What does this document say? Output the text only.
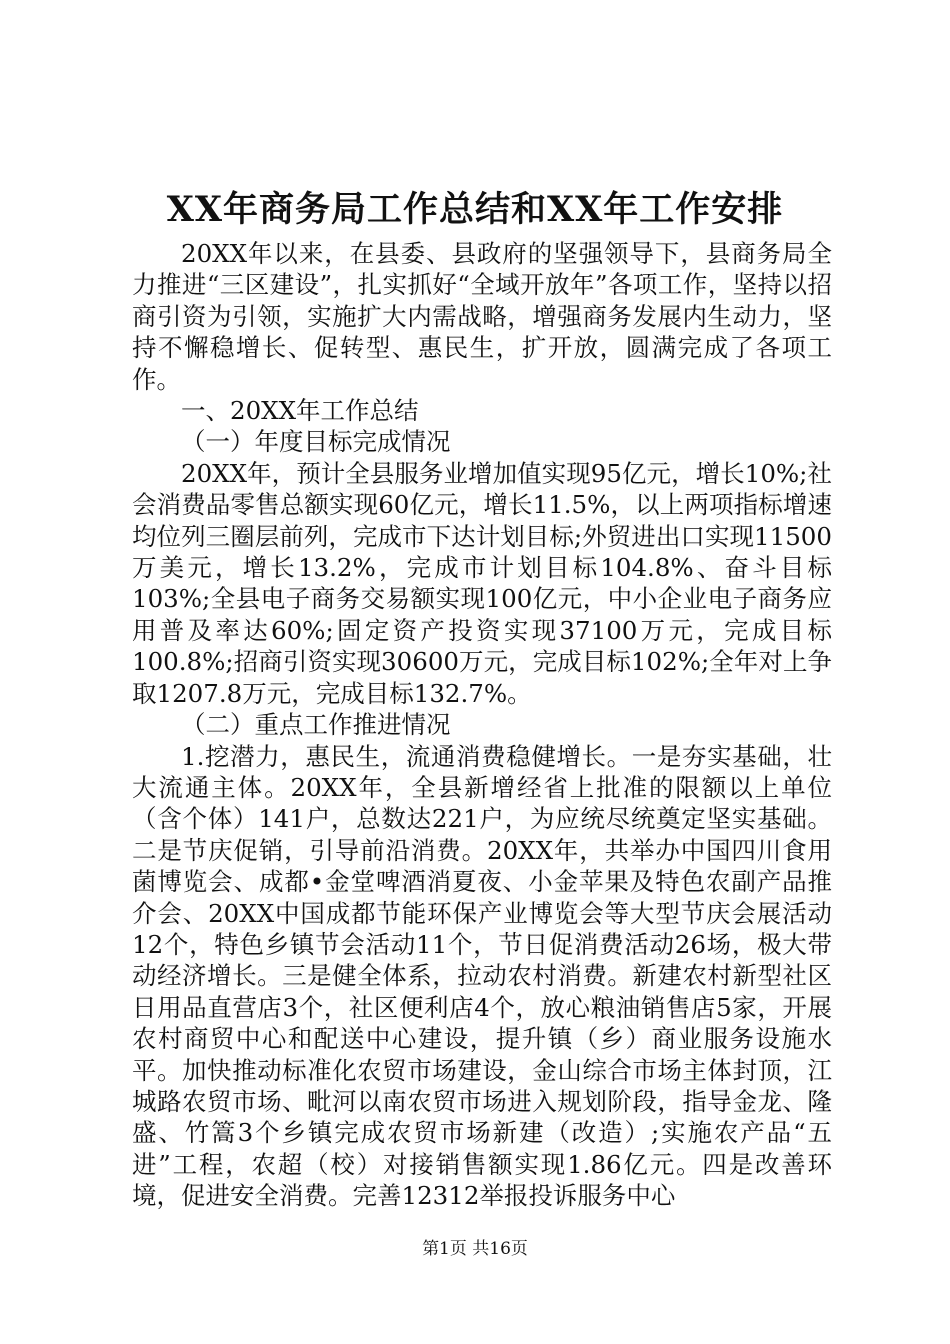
XX年商务局工作总结和XX年工作安排

20XX年以来，在县委、县政府的坚强领导下，县商务局全力推进“三区建设”，扎实抓好“全域开放年”各项工作，坚持以招商引资为引领，实施扩大内需战略，增强商务发展内生动力，坚持不懈稳增长、促转型、惠民生，扩开放，圆满完成了各项工作。

一、20XX年工作总结

（一）年度目标完成情况

20XX年，预计全县服务业增加值实现95亿元，增长10%;社会消费品零售总额实现60亿元，增长11.5%，以上两项指标增速均位列三圈层前列，完成市下达计划目标;外贸进出口实现11500万美元，增长13.2%，完成市计划目标104.8%、奋斗目标103%;全县电子商务交易额实现100亿元，中小企业电子商务应用普及率达60%;固定资产投资实现37100万元，完成目标100.8%;招商引资实现30600万元，完成目标102%;全年对上争取1207.8万元，完成目标132.7%。

（二）重点工作推进情况

1.挖潜力，惠民生，流通消费稳健增长。一是夯实基础，壮大流通主体。20XX年，全县新增经省上批准的限额以上单位（含个体）141户，总数达221户，为应统尽统奠定坚实基础。二是节庆促销，引导前沿消费。20XX年，共举办中国四川食用菌博览会、成都•金堂啤酒消夏夜、小金苹果及特色农副产品推介会、20XX中国成都节能环保产业博览会等大型节庆会展活动12个，特色乡镇节会活动11个，节日促消费活动26场，极大带动经济增长。三是健全体系，拉动农村消费。新建农村新型社区日用品直营店3个，社区便利店4个，放心粮油销售店5家，开展农村商贸中心和配送中心建设，提升镇（乡）商业服务设施水平。加快推动标准化农贸市场建设，金山综合市场主体封顶，江城路农贸市场、毗河以南农贸市场进入规划阶段，指导金龙、隆盛、竹篙3个乡镇完成农贸市场新建（改造）;实施农产品“五进”工程，农超（校）对接销售额实现1.86亿元。四是改善环境，促进安全消费。完善12312举报投诉服务中心

第1页 共16页
